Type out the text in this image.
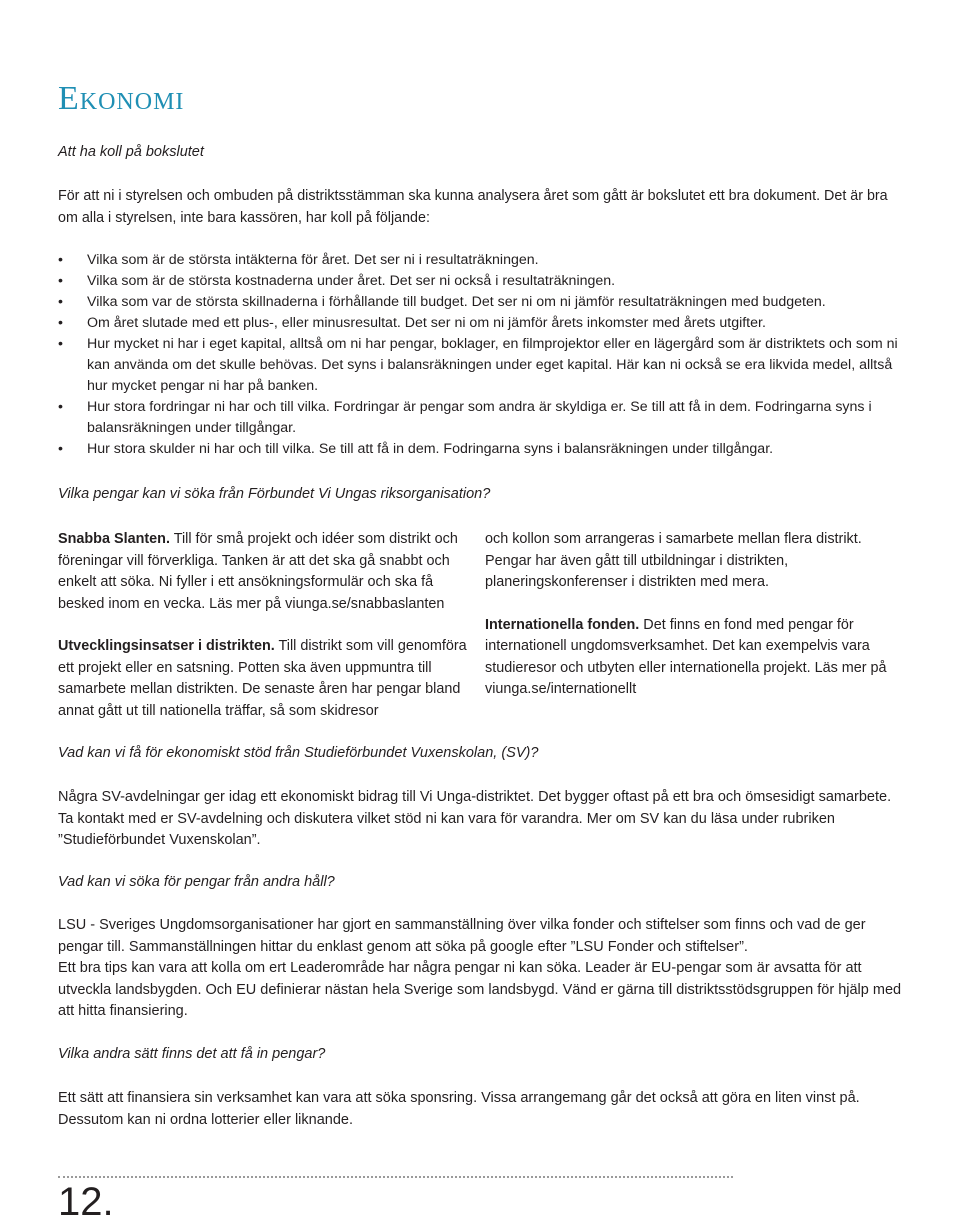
Ekonomi

Att ha koll på bokslutet

För att ni i styrelsen och ombuden på distriktsstämman ska kunna analysera året som gått är bokslutet ett bra dokument. Det är bra om alla i styrelsen, inte bara kassören, har koll på följande:

• Vilka som är de största intäkterna för året. Det ser ni i resultaträkningen.
• Vilka som är de största kostnaderna under året. Det ser ni också i resultaträkningen.
• Vilka som var de största skillnaderna i förhållande till budget. Det ser ni om ni jämför resultaträkningen med budgeten.
• Om året slutade med ett plus-, eller minusresultat. Det ser ni om ni jämför årets inkomster med årets utgifter.
• Hur mycket ni har i eget kapital, alltså om ni har pengar, boklager, en filmprojektor eller en lägergård som är distriktets och som ni kan använda om det skulle behövas. Det syns i balansräkningen under eget kapital. Här kan ni också se era likvida medel, alltså hur mycket pengar ni har på banken.
• Hur stora fordringar ni har och till vilka. Fordringar är pengar som andra är skyldiga er. Se till att få in dem. Fodringarna syns i balansräkningen under tillgångar.
• Hur stora skulder ni har och till vilka. Se till att få in dem. Fodringarna syns i balansräkningen under tillgångar.

Vilka pengar kan vi söka från Förbundet Vi Ungas riksorganisation?

Snabba Slanten. Till för små projekt och idéer som distrikt och föreningar vill förverkliga. Tanken är att det ska gå snabbt och enkelt att söka. Ni fyller i ett ansökningsformulär och ska få besked inom en vecka. Läs mer på viunga.se/snabbaslanten

Utvecklingsinsatser i distrikten. Till distrikt som vill genomföra ett projekt eller en satsning. Potten ska även uppmuntra till samarbete mellan distrikten. De senaste åren har pengar bland annat gått ut till nationella träffar, så som skidresor

och kollon som arrangeras i samarbete mellan flera distrikt. Pengar har även gått till utbildningar i distrikten, planeringskonferenser i distrikten med mera.

Internationella fonden. Det finns en fond med pengar för internationell ungdomsverksamhet. Det kan exempelvis vara studieresor och utbyten eller internationella projekt. Läs mer på viunga.se/internationellt

Vad kan vi få för ekonomiskt stöd från Studieförbundet Vuxenskolan, (SV)?

Några SV-avdelningar ger idag ett ekonomiskt bidrag till Vi Unga-distriktet. Det bygger oftast på ett bra och ömsesidigt samarbete. Ta kontakt med er SV-avdelning och diskutera vilket stöd ni kan vara för varandra. Mer om SV kan du läsa under rubriken ”Studieförbundet Vuxenskolan”.

Vad kan vi söka för pengar från andra håll?

LSU - Sveriges Ungdomsorganisationer har gjort en sammanställning över vilka fonder och stiftelser som finns och vad de ger pengar till. Sammanställningen hittar du enklast genom att söka på google efter ”LSU Fonder och stiftelser”.
Ett bra tips kan vara att kolla om ert Leaderområde har några pengar ni kan söka. Leader är EU-pengar som är avsatta för att utveckla landsbygden. Och EU definierar nästan hela Sverige som landsbygd. Vänd er gärna till distriktsstödsgruppen för hjälp med att hitta finansiering.

Vilka andra sätt finns det att få in pengar?

Ett sätt att finansiera sin verksamhet kan vara att söka sponsring. Vissa arrangemang går det också att göra en liten vinst på. Dessutom kan ni ordna lotterier eller liknande.

12.
